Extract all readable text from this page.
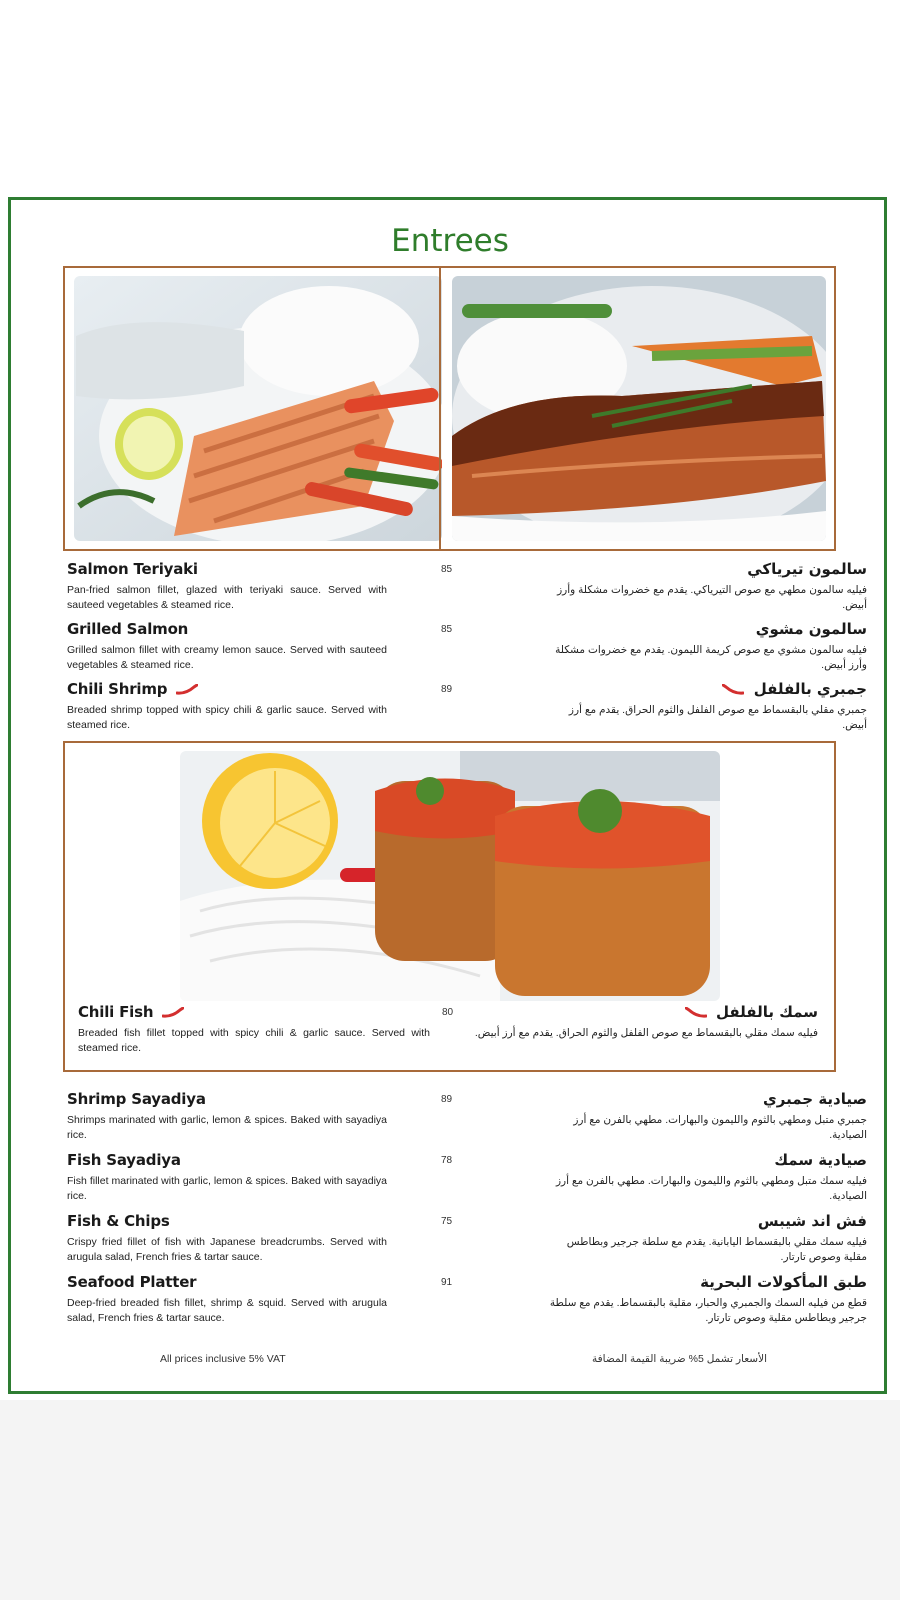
Entrees
Salmon Teriyaki	85
Pan-fried salmon fillet, glazed with teriyaki sauce. Served with sauteed vegetables & steamed rice.
سالمون تيرياكي
فيليه سالمون مطهي مع صوص التيرياكي. يقدم مع خضروات مشكلة وأرز أبيض.
Grilled Salmon	85
Grilled salmon fillet with creamy lemon sauce. Served with sauteed vegetables & steamed rice.
سالمون مشوي
فيليه سالمون مشوي مع صوص كريمة الليمون. يقدم مع خضروات مشكلة وأرز أبيض.
Chili Shrimp	89
Breaded shrimp topped with spicy chili & garlic sauce. Served with steamed rice.
جمبري بالفلفل
جمبري مقلي بالبقسماط مع صوص الفلفل والثوم الحراق. يقدم مع أرز أبيض.
Chili Fish	80
Breaded fish fillet topped with spicy chili & garlic sauce. Served with steamed rice.
سمك بالفلفل
فيليه سمك مقلي بالبقسماط مع صوص الفلفل والثوم الحراق. يقدم مع أرز أبيض.
Shrimp Sayadiya	89
Shrimps marinated with garlic, lemon & spices. Baked with sayadiya rice.
صيادية جمبري
جمبري متبل ومطهي بالثوم والليمون والبهارات. مطهي بالفرن مع أرز الصيادية.
Fish Sayadiya	78
Fish fillet marinated with garlic, lemon & spices. Baked with sayadiya rice.
صيادية سمك
فيليه سمك متبل ومطهي بالثوم والليمون والبهارات. مطهي بالفرن مع أرز الصيادية.
Fish & Chips	75
Crispy fried fillet of fish with Japanese breadcrumbs. Served with arugula salad, French fries & tartar sauce.
فش اند شيبس
فيليه سمك مقلي بالبقسماط اليابانية. يقدم مع سلطة جرجير وبطاطس مقلية وصوص تارتار.
Seafood Platter	91
Deep-fried breaded fish fillet, shrimp & squid. Served with arugula salad, French fries & tartar sauce.
طبق المأكولات البحرية
قطع من فيليه السمك والجمبري والحبار، مقلية بالبقسماط. يقدم مع سلطة جرجير وبطاطس مقلية وصوص تارتار.
All prices inclusive 5% VAT	الأسعار تشمل 5% ضريبة القيمة المضافة
